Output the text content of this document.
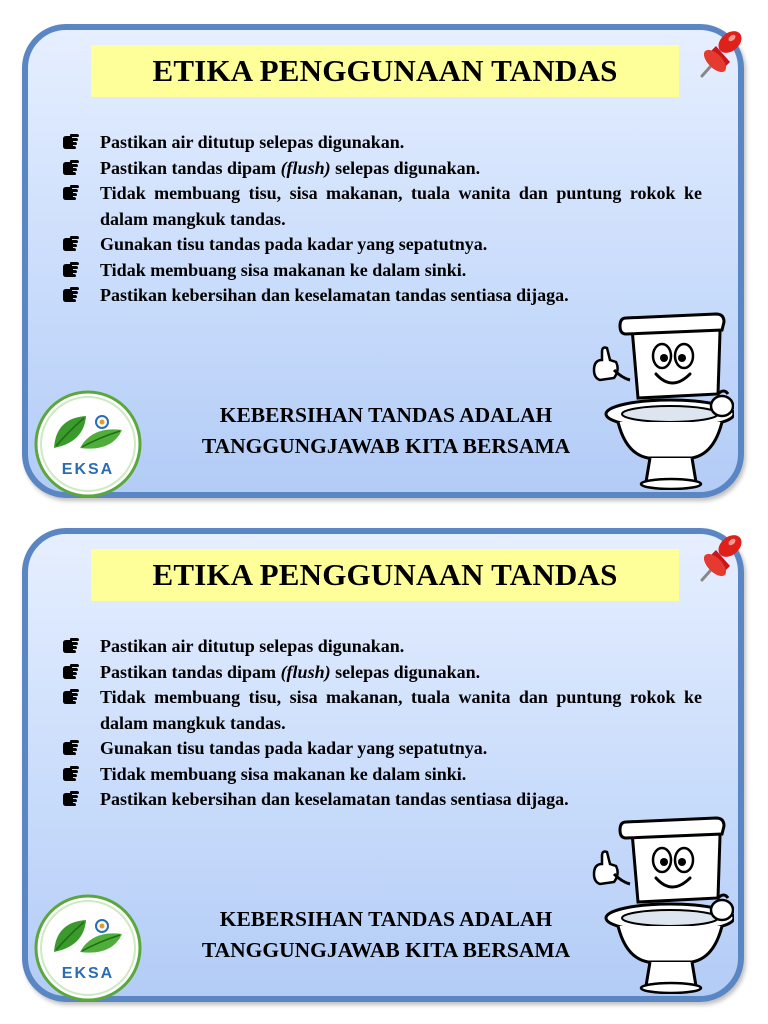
ETIKA PENGGUNAAN TANDAS
Pastikan air ditutup selepas digunakan.
Pastikan tandas dipam (flush) selepas digunakan.
Tidak membuang tisu, sisa makanan, tuala wanita dan puntung rokok ke dalam mangkuk tandas.
Gunakan tisu tandas pada kadar yang sepatutnya.
Tidak membuang sisa makanan ke dalam sinki.
Pastikan kebersihan dan keselamatan tandas sentiasa dijaga.
EKSA
KEBERSIHAN TANDAS ADALAH
TANGGUNGJAWAB KITA BERSAMA
ETIKA PENGGUNAAN TANDAS
Pastikan air ditutup selepas digunakan.
Pastikan tandas dipam (flush) selepas digunakan.
Tidak membuang tisu, sisa makanan, tuala wanita dan puntung rokok ke dalam mangkuk tandas.
Gunakan tisu tandas pada kadar yang sepatutnya.
Tidak membuang sisa makanan ke dalam sinki.
Pastikan kebersihan dan keselamatan tandas sentiasa dijaga.
EKSA
KEBERSIHAN TANDAS ADALAH
TANGGUNGJAWAB KITA BERSAMA
